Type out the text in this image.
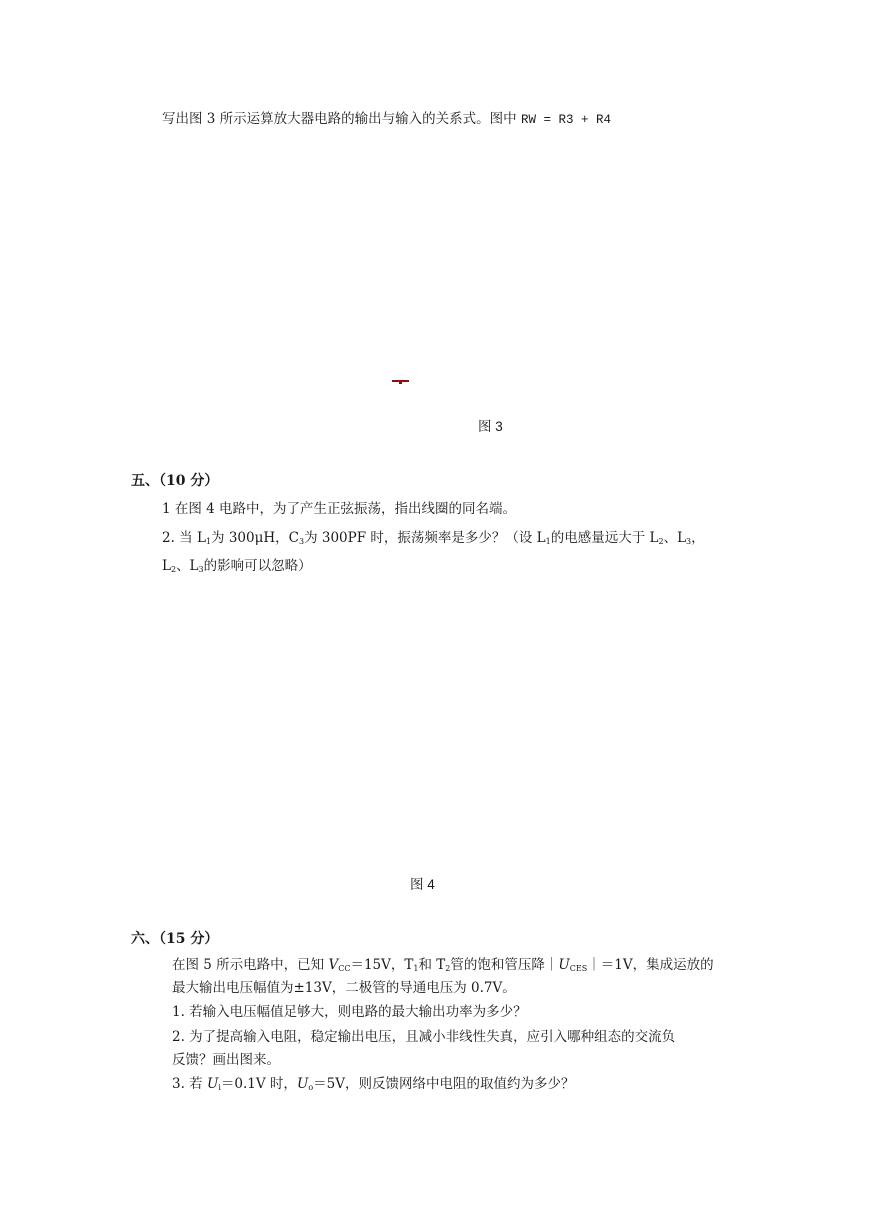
写出图 3 所示运算放大器电路的输出与输入的关系式。图中 RW = R3 + R4
图 3
五、（10 分）
1 在图 4 电路中，为了产生正弦振荡，指出线圈的同名端。
2. 当 $L_1$为 300μH，$C_3$为 300PF 时，振荡频率是多少？（设 $L_1$的电感量远大于 $L_2$、$L_3$，
$L_2$、$L_3$的影响可以忽略）
图 4
六、（15 分）
在图 5 所示电路中，已知 $V_{CC}=15V$，$T_1$和 $T_2$管的饱和管压降$|U_{CES}|=1V$，集成运放的
最大输出电压幅值为±13V，二极管的导通电压为 0.7V。
1. 若输入电压幅值足够大，则电路的最大输出功率为多少？
2. 为了提高输入电阻，稳定输出电压，且减小非线性失真，应引入哪种组态的交流负
反馈？画出图来。
3. 若 $U_i=0.1V$ 时，$U_o=5V$，则反馈网络中电阻的取值约为多少？
